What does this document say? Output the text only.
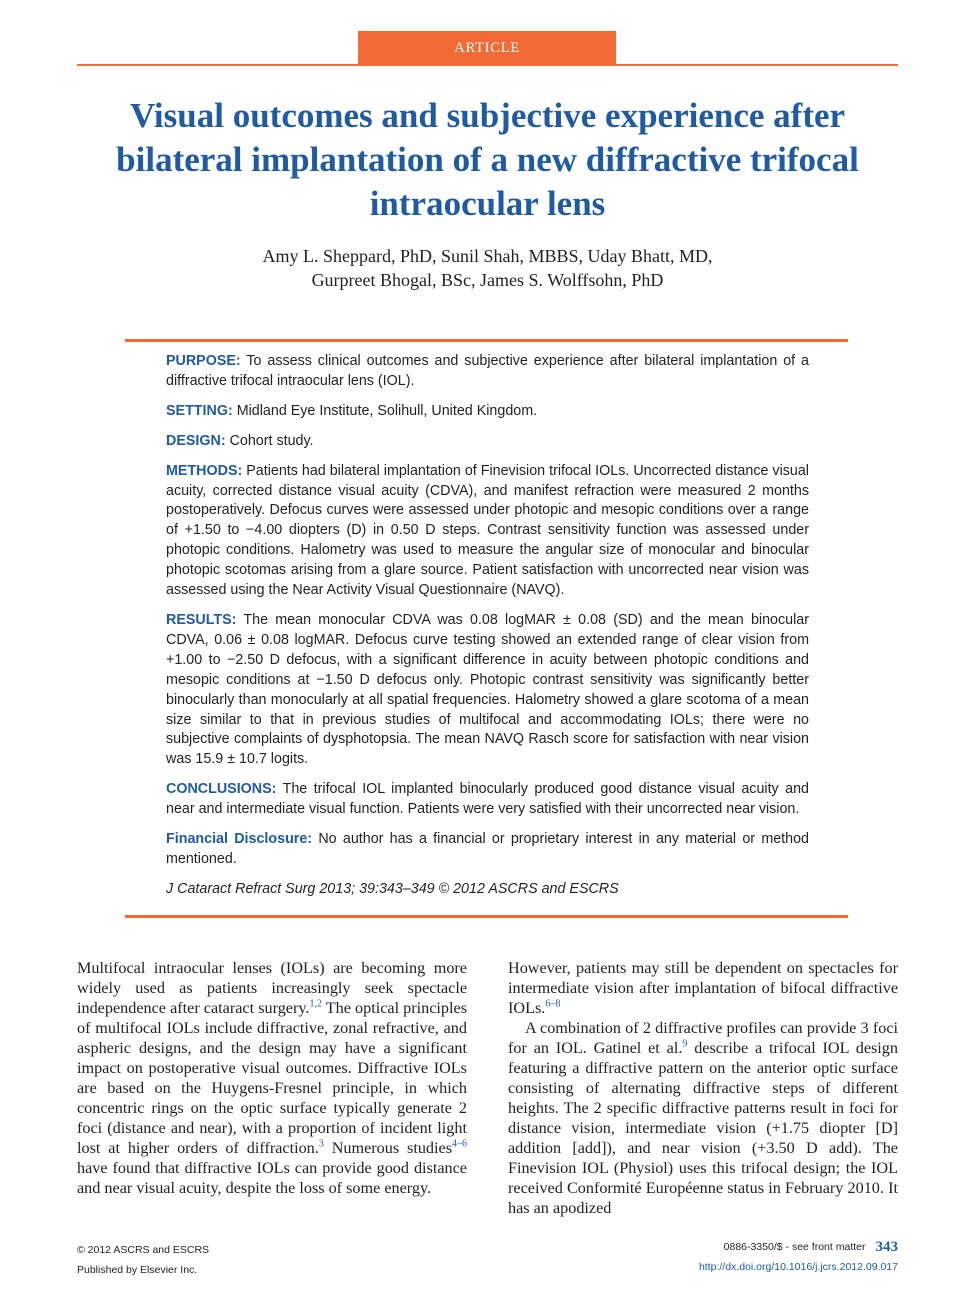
ARTICLE
Visual outcomes and subjective experience after bilateral implantation of a new diffractive trifocal intraocular lens
Amy L. Sheppard, PhD, Sunil Shah, MBBS, Uday Bhatt, MD,
Gurpreet Bhogal, BSc, James S. Wolffsohn, PhD

PURPOSE: To assess clinical outcomes and subjective experience after bilateral implantation of a diffractive trifocal intraocular lens (IOL).

SETTING: Midland Eye Institute, Solihull, United Kingdom.

DESIGN: Cohort study.

METHODS: Patients had bilateral implantation of Finevision trifocal IOLs. Uncorrected distance visual acuity, corrected distance visual acuity (CDVA), and manifest refraction were measured 2 months postoperatively. Defocus curves were assessed under photopic and mesopic conditions over a range of +1.50 to −4.00 diopters (D) in 0.50 D steps. Contrast sensitivity function was assessed under photopic conditions. Halometry was used to measure the angular size of monocular and binocular photopic scotomas arising from a glare source. Patient satisfaction with uncorrected near vision was assessed using the Near Activity Visual Questionnaire (NAVQ).

RESULTS: The mean monocular CDVA was 0.08 logMAR ± 0.08 (SD) and the mean binocular CDVA, 0.06 ± 0.08 logMAR. Defocus curve testing showed an extended range of clear vision from +1.00 to −2.50 D defocus, with a significant difference in acuity between photopic conditions and mesopic conditions at −1.50 D defocus only. Photopic contrast sensitivity was significantly better binocularly than monocularly at all spatial frequencies. Halometry showed a glare scotoma of a mean size similar to that in previous studies of multifocal and accommodating IOLs; there were no subjective complaints of dysphotopsia. The mean NAVQ Rasch score for satisfaction with near vision was 15.9 ± 10.7 logits.

CONCLUSIONS: The trifocal IOL implanted binocularly produced good distance visual acuity and near and intermediate visual function. Patients were very satisfied with their uncorrected near vision.

Financial Disclosure: No author has a financial or proprietary interest in any material or method mentioned.

J Cataract Refract Surg 2013; 39:343–349 © 2012 ASCRS and ESCRS

Multifocal intraocular lenses (IOLs) are becoming more widely used as patients increasingly seek spectacle independence after cataract surgery.$^{1,2}$ The optical principles of multifocal IOLs include diffractive, zonal refractive, and aspheric designs, and the design may have a significant impact on postoperative visual outcomes. Diffractive IOLs are based on the Huygens-Fresnel principle, in which concentric rings on the optic surface typically generate 2 foci (distance and near), with a proportion of incident light lost at higher orders of diffraction.$^3$ Numerous studies$^{4-6}$ have found that diffractive IOLs can provide good distance and near visual acuity, despite the loss of some energy.

However, patients may still be dependent on spectacles for intermediate vision after implantation of bifocal diffractive IOLs.$^{6-8}$

A combination of 2 diffractive profiles can provide 3 foci for an IOL. Gatinel et al.$^9$ describe a trifocal IOL design featuring a diffractive pattern on the anterior optic surface consisting of alternating diffractive steps of different heights. The 2 specific diffractive patterns result in foci for distance vision, intermediate vision (+1.75 diopter [D] addition [add]), and near vision (+3.50 D add). The Finevision IOL (Physiol) uses this trifocal design; the IOL received Conformité Européenne status in February 2010. It has an apodized

© 2012 ASCRS and ESCRS
Published by Elsevier Inc.
0886-3350/$ - see front matter 343
http://dx.doi.org/10.1016/j.jcrs.2012.09.017
